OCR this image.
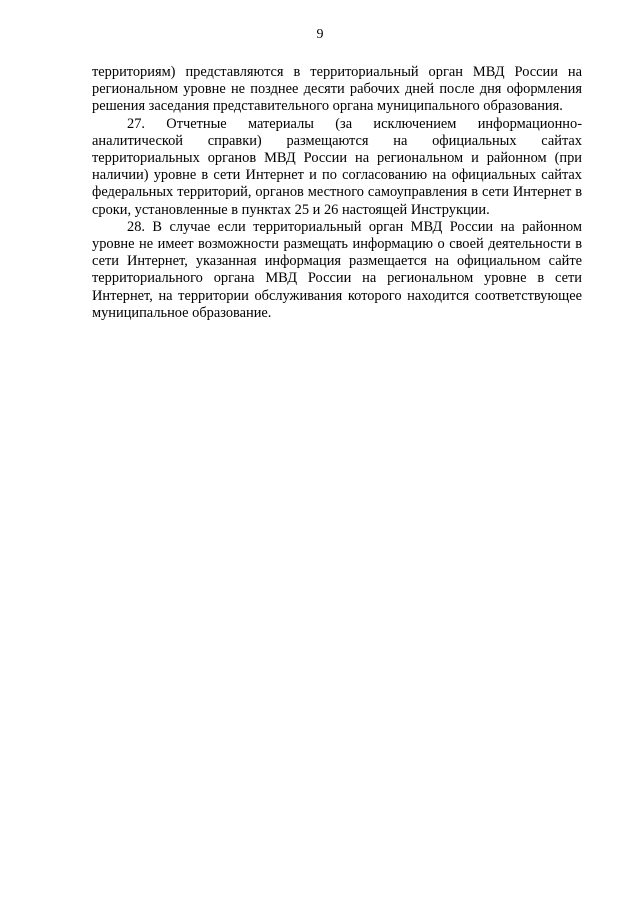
9

территориям) представляются в территориальный орган МВД России на региональном уровне не позднее десяти рабочих дней после дня оформления решения заседания представительного органа муниципального образования.

27. Отчетные материалы (за исключением информационно-аналитической справки) размещаются на официальных сайтах территориальных органов МВД России на региональном и районном (при наличии) уровне в сети Интернет и по согласованию на официальных сайтах федеральных территорий, органов местного самоуправления в сети Интернет в сроки, установленные в пунктах 25 и 26 настоящей Инструкции.

28. В случае если территориальный орган МВД России на районном уровне не имеет возможности размещать информацию о своей деятельности в сети Интернет, указанная информация размещается на официальном сайте территориального органа МВД России на региональном уровне в сети Интернет, на территории обслуживания которого находится соответствующее муниципальное образование.
